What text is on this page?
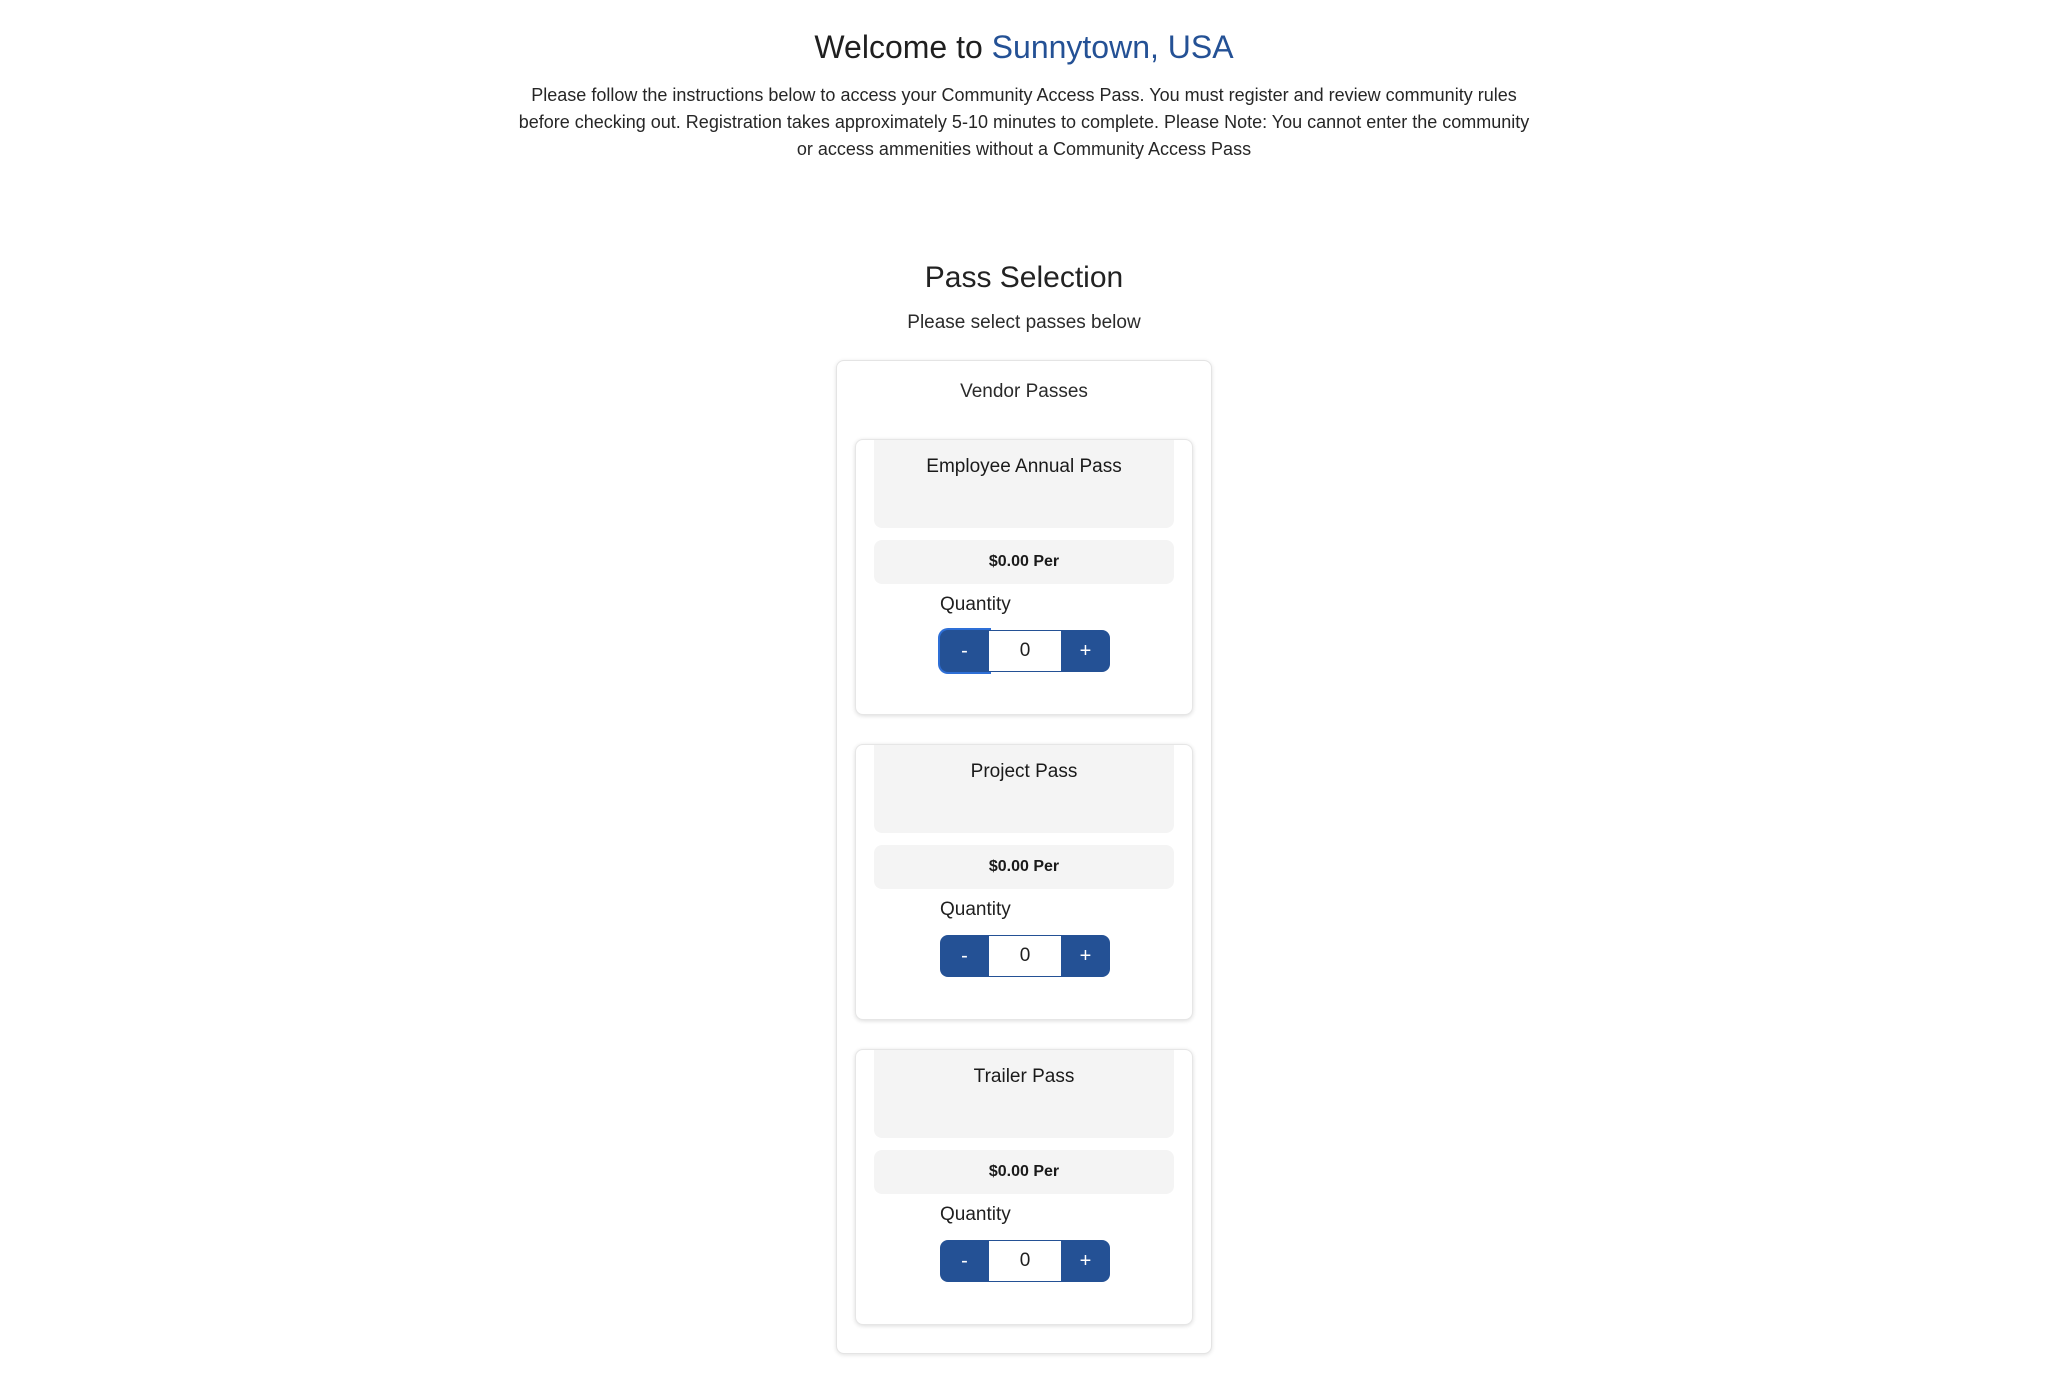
Welcome to Sunnytown, USA
Please follow the instructions below to access your Community Access Pass. You must register and review community rules before checking out. Registration takes approximately 5-10 minutes to complete. Please Note: You cannot enter the community or access ammenities without a Community Access Pass
Pass Selection
Please select passes below
Vendor Passes
Employee Annual Pass
$0.00 Per
Quantity
-
0	+
Project Pass
$0.00 Per
Quantity
-
0	+
Trailer Pass
$0.00 Per
Quantity
-
0	+
